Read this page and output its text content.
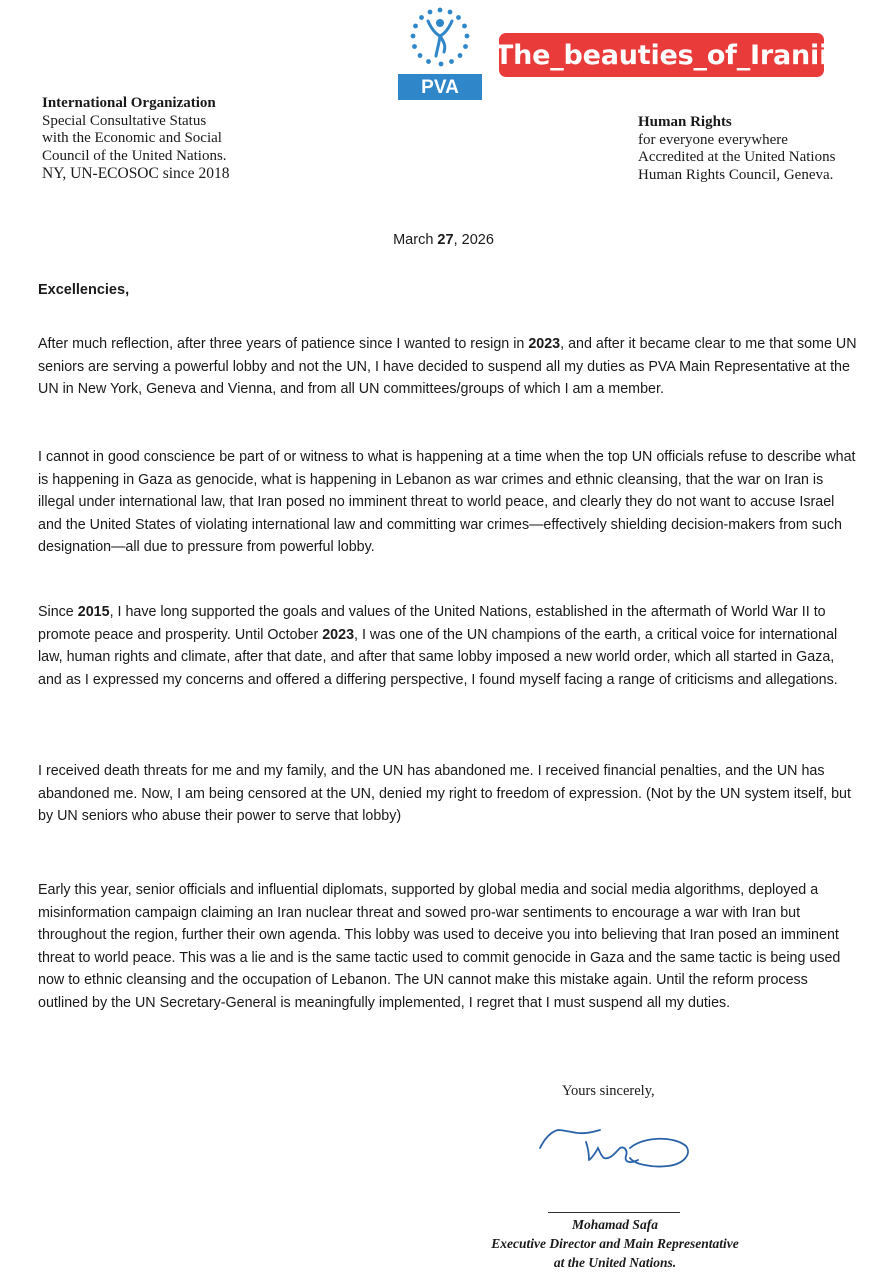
PVA
The_beauties_of_Iranii
International Organization
Special Consultative Status
with the Economic and Social
Council of the United Nations.
NY, UN-ECOSOC since 2018
Human Rights
for everyone everywhere
Accredited at the United Nations
Human Rights Council, Geneva.
March 27, 2026
Excellencies,
After much reflection, after three years of patience since I wanted to resign in 2023, and after it became clear to me that some UN seniors are serving a powerful lobby and not the UN, I have decided to suspend all my duties as PVA Main Representative at the UN in New York, Geneva and Vienna, and from all UN committees/groups of which I am a member.
I cannot in good conscience be part of or witness to what is happening at a time when the top UN officials refuse to describe what is happening in Gaza as genocide, what is happening in Lebanon as war crimes and ethnic cleansing, that the war on Iran is illegal under international law, that Iran posed no imminent threat to world peace, and clearly they do not want to accuse Israel and the United States of violating international law and committing war crimes—effectively shielding decision-makers from such designation—all due to pressure from powerful lobby.
Since 2015, I have long supported the goals and values of the United Nations, established in the aftermath of World War II to promote peace and prosperity. Until October 2023, I was one of the UN champions of the earth, a critical voice for international law, human rights and climate, after that date, and after that same lobby imposed a new world order, which all started in Gaza, and as I expressed my concerns and offered a differing perspective, I found myself facing a range of criticisms and allegations.
I received death threats for me and my family, and the UN has abandoned me. I received financial penalties, and the UN has abandoned me. Now, I am being censored at the UN, denied my right to freedom of expression. (Not by the UN system itself, but by UN seniors who abuse their power to serve that lobby)
Early this year, senior officials and influential diplomats, supported by global media and social media algorithms, deployed a misinformation campaign claiming an Iran nuclear threat and sowed pro-war sentiments to encourage a war with Iran but throughout the region, further their own agenda. This lobby was used to deceive you into believing that Iran posed an imminent threat to world peace. This was a lie and is the same tactic used to commit genocide in Gaza and the same tactic is being used now to ethnic cleansing and the occupation of Lebanon. The UN cannot make this mistake again. Until the reform process outlined by the UN Secretary-General is meaningfully implemented, I regret that I must suspend all my duties.
Yours sincerely,
Mohamad Safa
Executive Director and Main Representative
at the United Nations.
